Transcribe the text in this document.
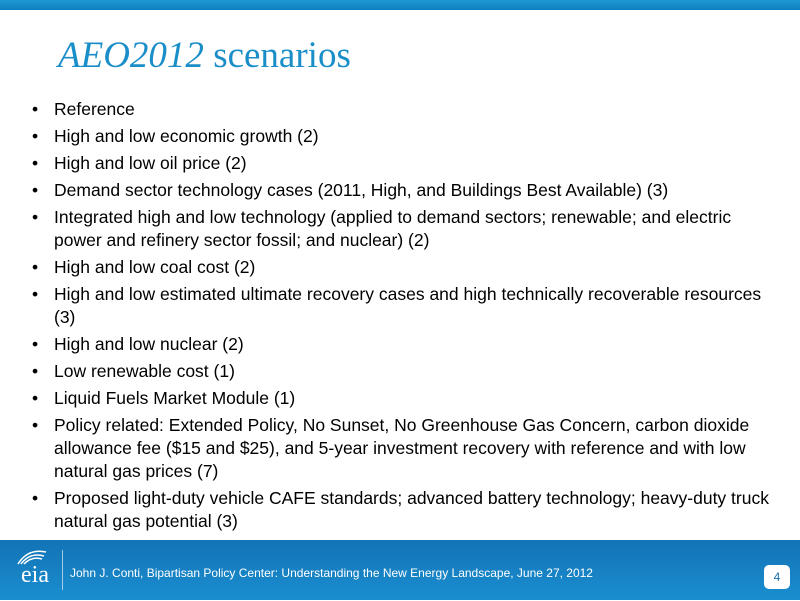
AEO2012 scenarios
• Reference
• High and low economic growth (2)
• High and low oil price (2)
• Demand sector technology cases (2011, High, and Buildings Best Available) (3)
• Integrated high and low technology (applied to demand sectors; renewable; and electric power and refinery sector fossil; and nuclear) (2)
• High and low coal cost (2)
• High and low estimated ultimate recovery cases and high technically recoverable resources (3)
• High and low nuclear (2)
• Low renewable cost (1)
• Liquid Fuels Market Module (1)
• Policy related: Extended Policy, No Sunset, No Greenhouse Gas Concern, carbon dioxide allowance fee ($15 and $25), and 5-year investment recovery with reference and with low natural gas prices (7)
• Proposed light-duty vehicle CAFE standards; advanced battery technology; heavy-duty truck natural gas potential (3)
eia	John J. Conti, Bipartisan Policy Center: Understanding the New Energy Landscape, June 27, 2012	4
